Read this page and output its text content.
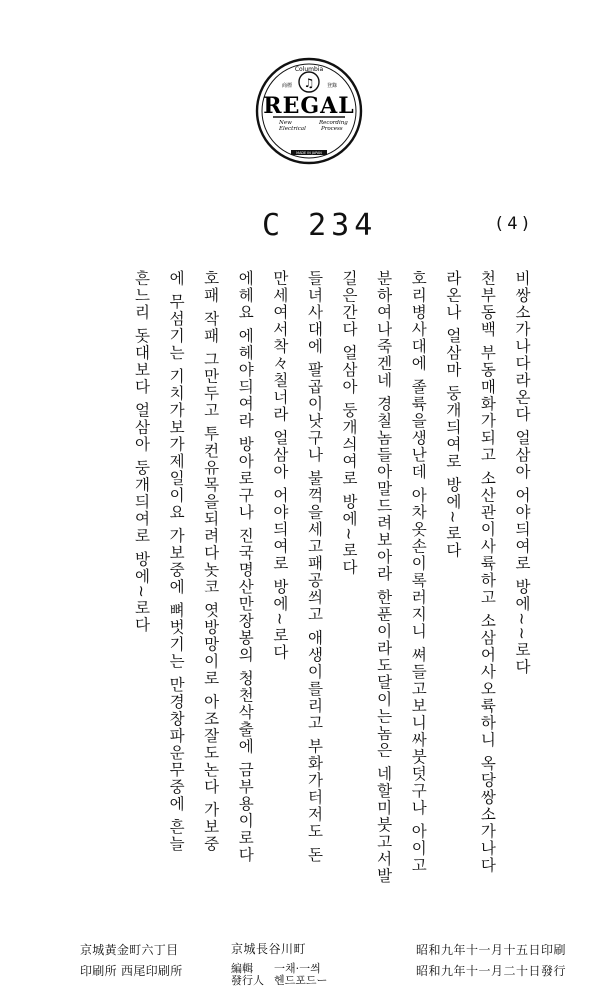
Columbia
♫
商標	登錄
REGAL
New
Electrical
Recording
Process
MADE IN JAPAN
C 234	(4)
비쌍소가나다라온다 얼삼아 어야듸여로 방에~~로다
천부동백 부동매화가되고 소산관이사륙하고 소삼어사오륙하니 옥당쌍소가나다
라온나 얼삼마 둥개듸여로 방에~로다
호리병사대에 졸륙을생난데 아차옷손이록러지니 쎠들고보니싸붓덧구나 아이고
분하여나죽겐네 경칠놈들아말드려보아라 한푼이라도달이는놈은 네할미붓고서발
길은간다 얼삼아 둥개싀여로 방에~로다
들녀사대에 팔곱이낫구나 불꺽을세고패공씌고 애생이를리고 부화가터저도 돈
만세여서착々칠너라 얼삼아 어야듸여로 방에~로다
에헤요 에헤야듸여라 방아로구나 진국명산만장봉의 청천삭출에 금부용이로다
호패 작패 그만두고 투컨유목을되려다놋코 엿방망이로 아조잘도논다 가보중
에 무섬기는 기치가보가제일이요 가보중에 뼈벗기는 만경창파운무중에 흔늘
흔느리 돗대보다 얼삼아 둥개듸여로 방에~로다
昭和九年十一月十五日印刷
昭和九年十一月二十日發行
京城長谷川町
編輯
發行人
一채·一씌
헨드포드ー
京城黃金町六丁目
印刷所 西尾印刷所
